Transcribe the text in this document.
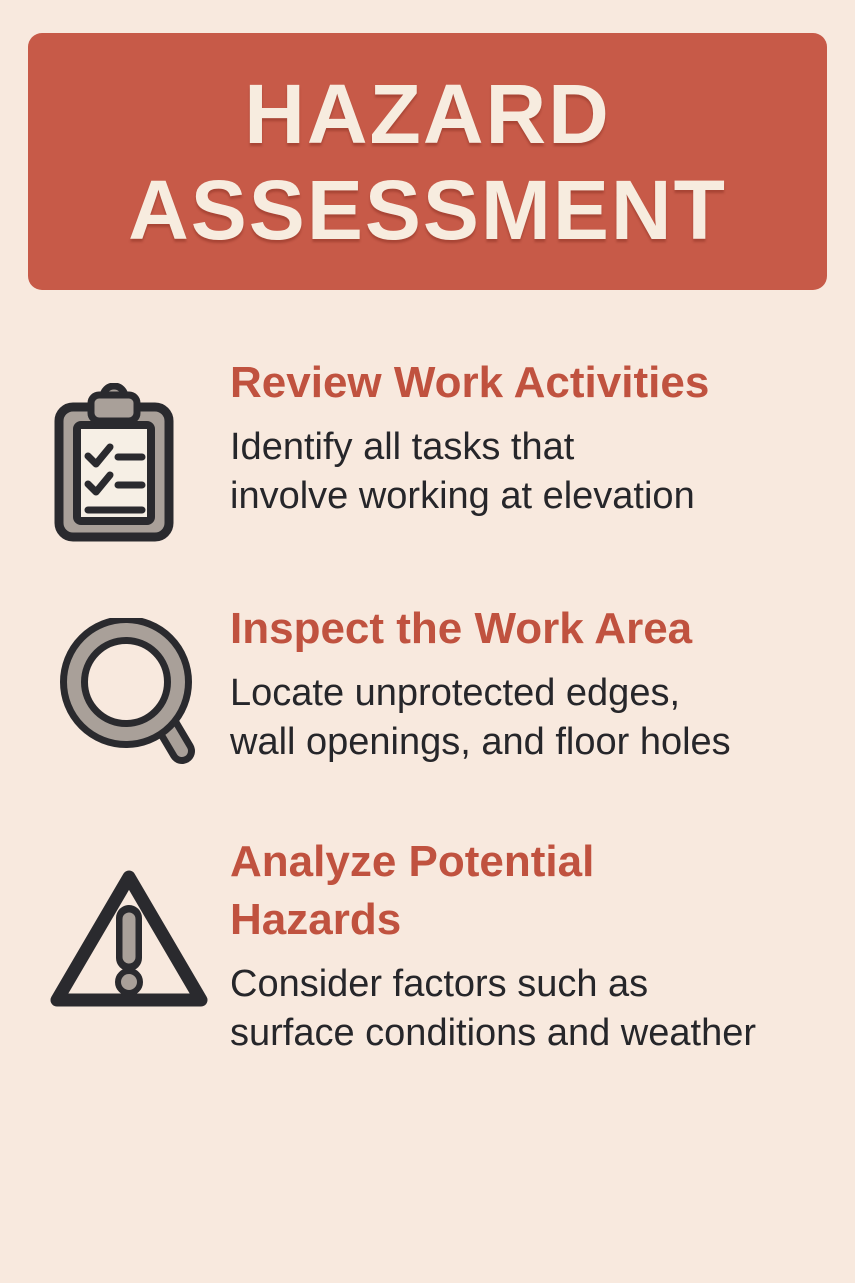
HAZARD
ASSESSMENT
Review Work Activities
Identify all tasks that
involve working at elevation
Inspect the Work Area
Locate unprotected edges,
wall openings, and floor holes
Analyze Potential
Hazards
Consider factors such as
surface conditions and weather
